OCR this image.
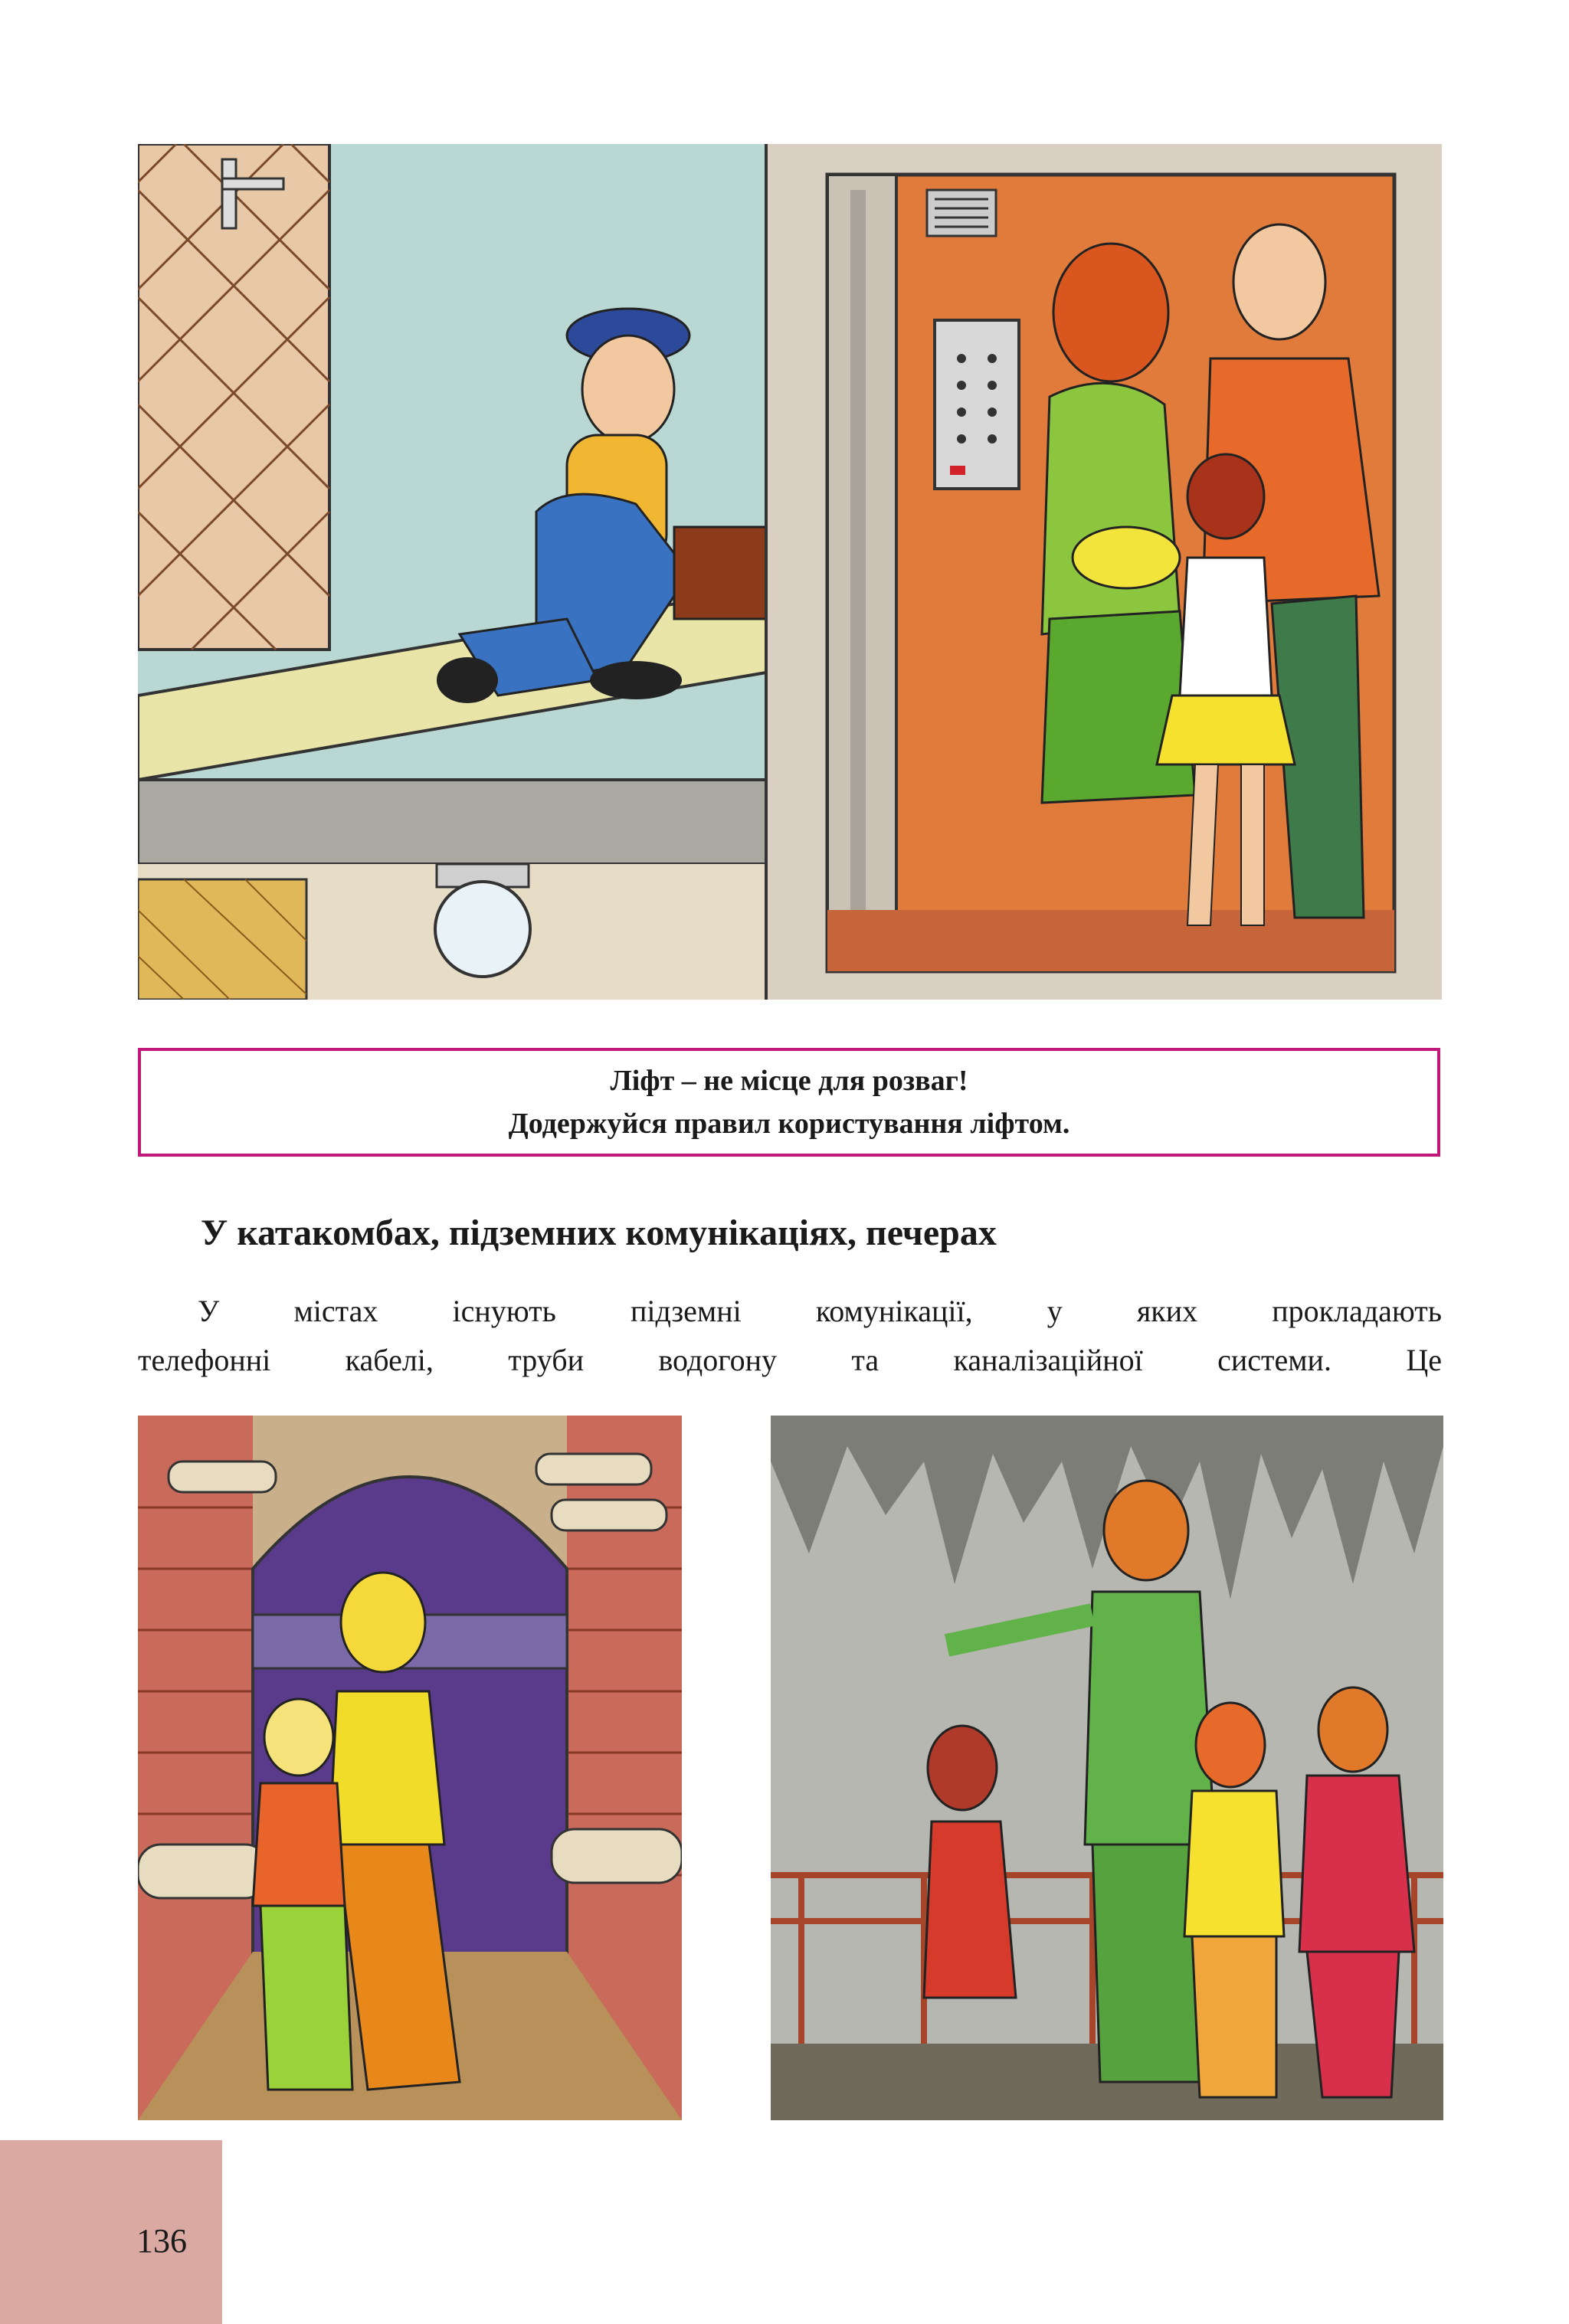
Ліфт – не місце для розваг!
Додержуйся правил користування ліфтом.
У катакомбах, підземних комунікаціях, печерах
У містах існують підземні комунікації, у яких прокладають
телефонні кабелі, труби водогону та каналізаційної системи. Це
136
